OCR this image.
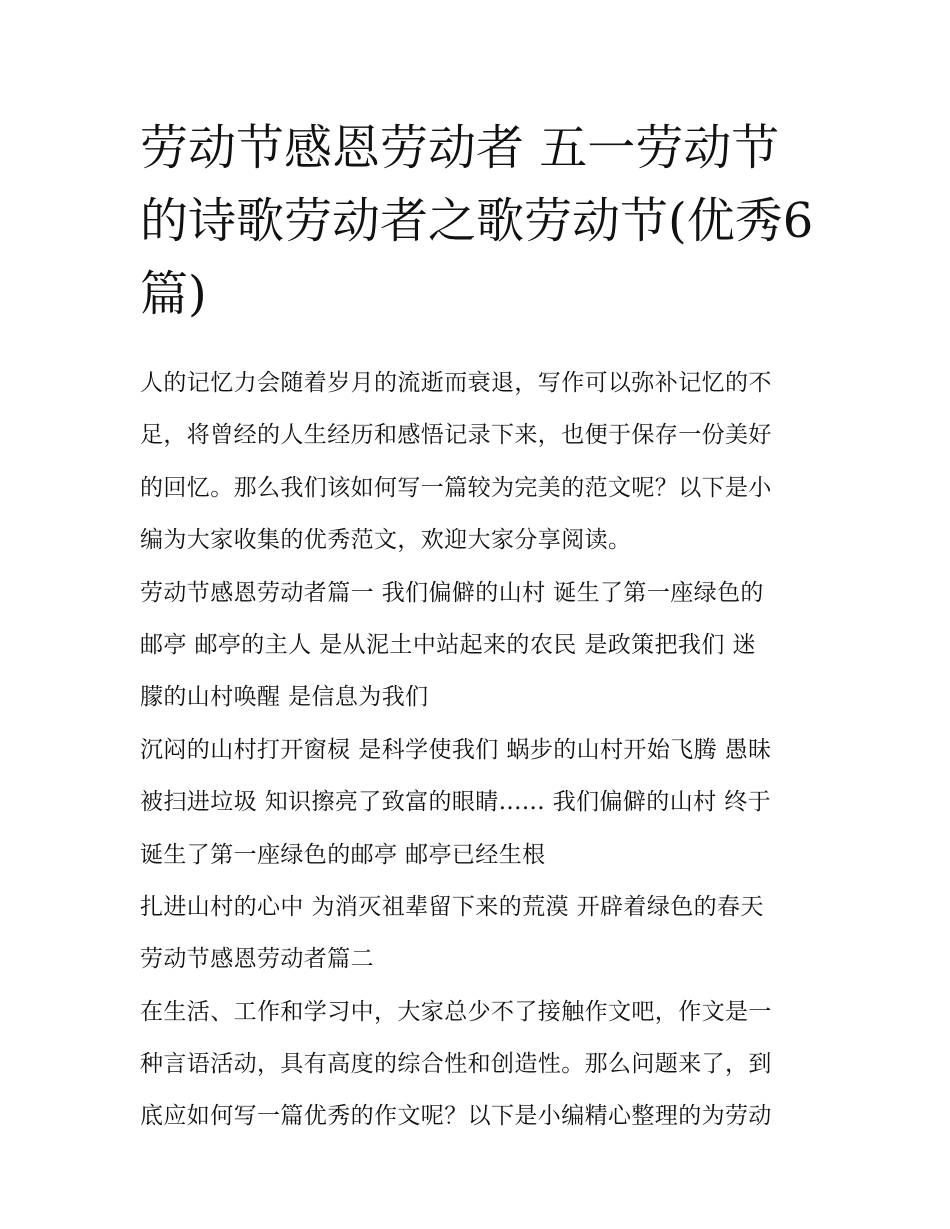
劳动节感恩劳动者 五一劳动节的诗歌劳动者之歌劳动节(优秀6篇)
人的记忆力会随着岁月的流逝而衰退，写作可以弥补记忆的不
足，将曾经的人生经历和感悟记录下来，也便于保存一份美好
的回忆。那么我们该如何写一篇较为完美的范文呢？以下是小
编为大家收集的优秀范文，欢迎大家分享阅读。
劳动节感恩劳动者篇一 我们偏僻的山村 诞生了第一座绿色的
邮亭 邮亭的主人 是从泥土中站起来的农民 是政策把我们 迷
朦的山村唤醒 是信息为我们
沉闷的山村打开窗棂 是科学使我们 蜗步的山村开始飞腾 愚昧
被扫进垃圾 知识擦亮了致富的眼睛...... 我们偏僻的山村 终于
诞生了第一座绿色的邮亭 邮亭已经生根
扎进山村的心中 为消灭祖辈留下来的荒漠 开辟着绿色的春天
劳动节感恩劳动者篇二
在生活、工作和学习中，大家总少不了接触作文吧，作文是一
种言语活动，具有高度的综合性和创造性。那么问题来了，到
底应如何写一篇优秀的作文呢？以下是小编精心整理的为劳动
